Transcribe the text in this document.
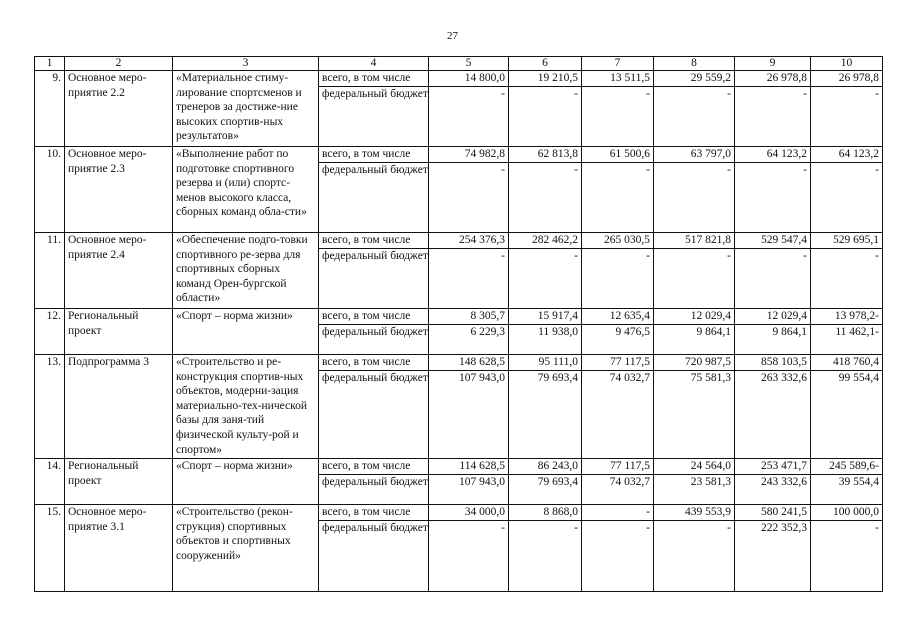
27
1	2	3	4	5	6	7	8	9	10
9.	Основное меро-приятие 2.2	«Материальное стиму-лирование спортсменов и тренеров за достиже-ние высоких спортив-ных результатов»	всего, в том числе	14 800,0	19 210,5	13 511,5	29 559,2	26 978,8	26 978,8
			федеральный бюджет	-	-	-	-	-	-
10.	Основное меро-приятие 2.3	«Выполнение работ по подготовке спортивного резерва и (или) спортс-менов высокого класса, сборных команд обла-сти»	всего, в том числе	74 982,8	62 813,8	61 500,6	63 797,0	64 123,2	64 123,2
			федеральный бюджет	-	-	-	-	-	-
11.	Основное меро-приятие 2.4	«Обеспечение подго-товки спортивного ре-зерва для спортивных сборных команд Орен-бургской области»	всего, в том числе	254 376,3	282 462,2	265 030,5	517 821,8	529 547,4	529 695,1
			федеральный бюджет	-	-	-	-	-	-
12.	Региональный проект	«Спорт – норма жизни»	всего, в том числе	8 305,7	15 917,4	12 635,4	12 029,4	12 029,4	13 978,2-
			федеральный бюджет	6 229,3	11 938,0	9 476,5	9 864,1	9 864,1	11 462,1-
13.	Подпрограмма 3	«Строительство и ре-конструкция спортив-ных объектов, модерни-зация материально-тех-нической базы для заня-тий физической культу-рой и спортом»	всего, в том числе	148 628,5	95 111,0	77 117,5	720 987,5	858 103,5	418 760,4
			федеральный бюджет	107 943,0	79 693,4	74 032,7	75 581,3	263 332,6	99 554,4
14.	Региональный проект	«Спорт – норма жизни»	всего, в том числе	114 628,5	86 243,0	77 117,5	24 564,0	253 471,7	245 589,6-
			федеральный бюджет	107 943,0	79 693,4	74 032,7	23 581,3	243 332,6	39 554,4
15.	Основное меро-приятие 3.1	«Строительство (рекон-струкция) спортивных объектов и спортивных сооружений»	всего, в том числе	34 000,0	8 868,0	-	439 553,9	580 241,5	100 000,0
			федеральный бюджет	-	-	-	-	222 352,3	-
